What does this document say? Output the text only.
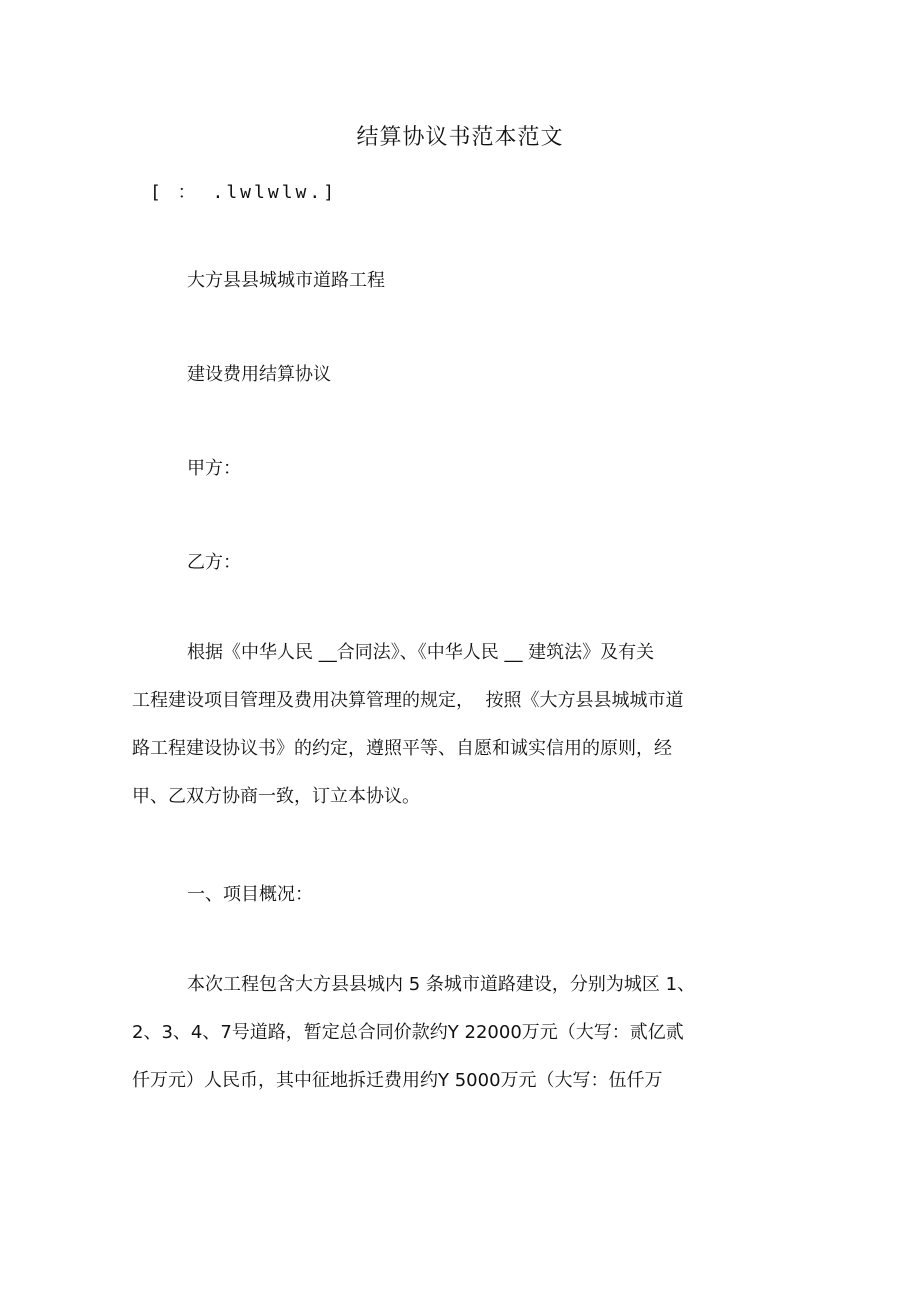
结算协议书范本范文
[ ： .lwlwlw.]
大方县县城城市道路工程
建设费用结算协议
甲方：
乙方：
根据《中华人民 __合同法》、《中华人民 __ 建筑法》及有关
工程建设项目管理及费用决算管理的规定，  按照《大方县县城城市道
路工程建设协议书》的约定，遵照平等、自愿和诚实信用的原则，经
甲、乙双方协商一致，订立本协议。
一、项目概况：
本次工程包含大方县县城内 5 条城市道路建设，分别为城区 1、
2、3、4、7号道路，暂定总合同价款约Y 22000万元（大写：贰亿贰
仟万元）人民币，其中征地拆迁费用约Y 5000万元（大写：伍仟万
